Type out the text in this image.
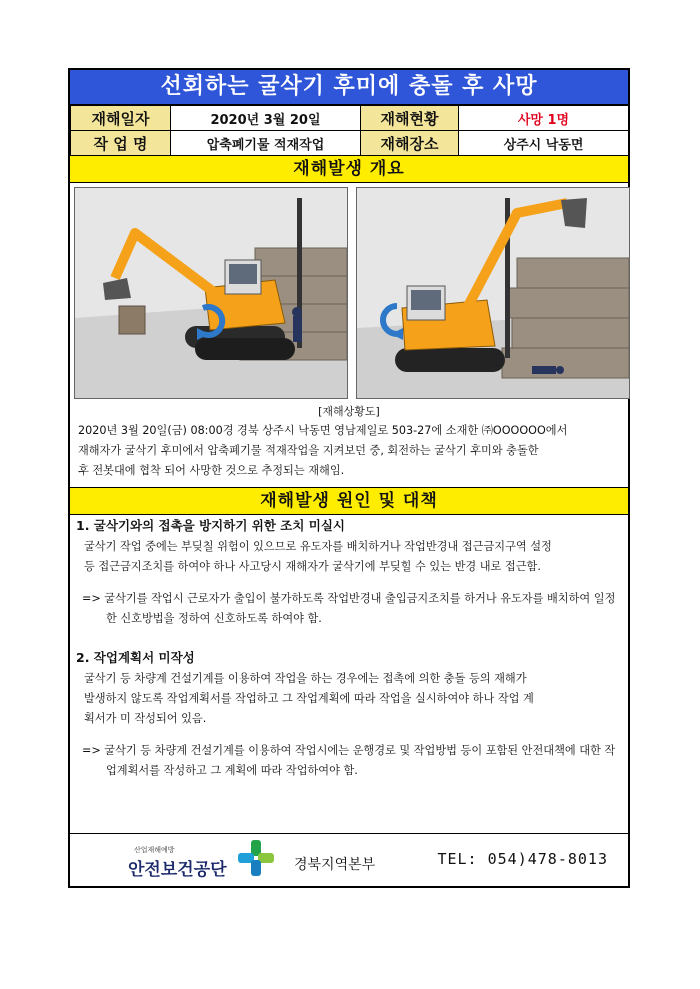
선회하는 굴삭기 후미에 충돌 후 사망
재해일자	2020년 3월 20일	재해현황	사망 1명
작 업 명	압축폐기물 적재작업	재해장소	상주시 낙동면
재해발생 개요
[재해상황도]

2020년 3월 20일(금) 08:00경 경북 상주시 낙동면 영남제일로 503-27에 소재한 ㈜OOOOOO에서

재해자가 굴삭기 후미에서 압축폐기물 적재작업을 지켜보던 중, 회전하는 굴삭기 후미와 충돌한

후 전봇대에 협착 되어 사망한 것으로 추정되는 재해임.

재해발생 원인 및 대책

1. 굴삭기와의 접촉을 방지하기 위한 조치 미실시

굴삭기 작업 중에는 부딪칠 위험이 있으므로 유도자를 배치하거나 작업반경내 접근금지구역 설정

등 접근금지조치를 하여야 하나 사고당시 재해자가 굴삭기에 부딪힐 수 있는 반경 내로 접근함.

=> 굴삭기를 작업시 근로자가 출입이 불가하도록 작업반경내 출입금지조치를 하거나 유도자를 배치하여 일정한 신호방법을 정하여 신호하도록 하여야 함.

2. 작업계획서 미작성

굴삭기 등 차량계 건설기계를 이용하여 작업을 하는 경우에는 접촉에 의한 충돌 등의 재해가

발생하지 않도록 작업계획서를 작업하고 그 작업계획에 따라 작업을 실시하여야 하나 작업 계

획서가 미 작성되어 있음.

=> 굴삭기 등 차량계 건설기계를 이용하여 작업시에는 운행경로 및 작업방법 등이 포함된 안전대책에 대한 작업계획서를 작성하고 그 계획에 따라 작업하여야 함.

산업재해예방
안전보건공단	경북지역본부	TEL: 054)478-8013
